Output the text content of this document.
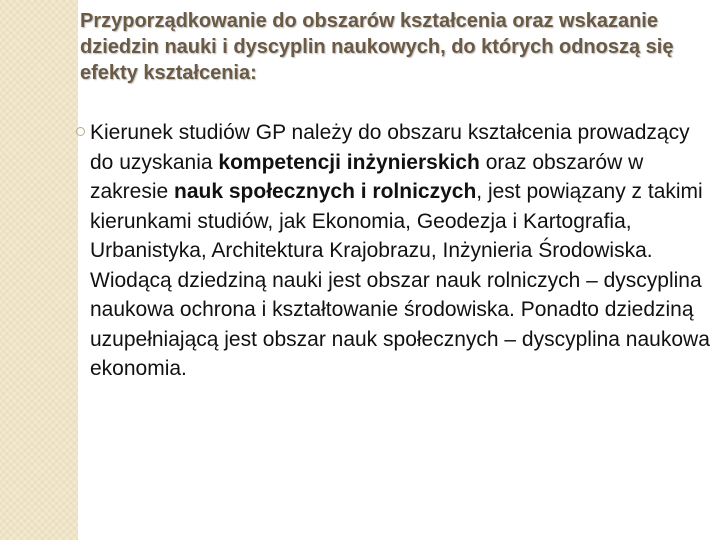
Przyporządkowanie do obszarów kształcenia oraz wskazanie dziedzin nauki i dyscyplin naukowych, do których odnoszą się efekty kształcenia:
Kierunek studiów GP należy do obszaru kształcenia prowadzący do uzyskania kompetencji inżynierskich oraz obszarów w zakresie nauk społecznych i rolniczych, jest powiązany z takimi kierunkami studiów, jak Ekonomia, Geodezja i Kartografia, Urbanistyka, Architektura Krajobrazu, Inżynieria Środowiska. Wiodącą dziedziną nauki jest obszar nauk rolniczych – dyscyplina naukowa ochrona i kształtowanie środowiska. Ponadto dziedziną uzupełniającą jest obszar nauk społecznych – dyscyplina naukowa ekonomia.
